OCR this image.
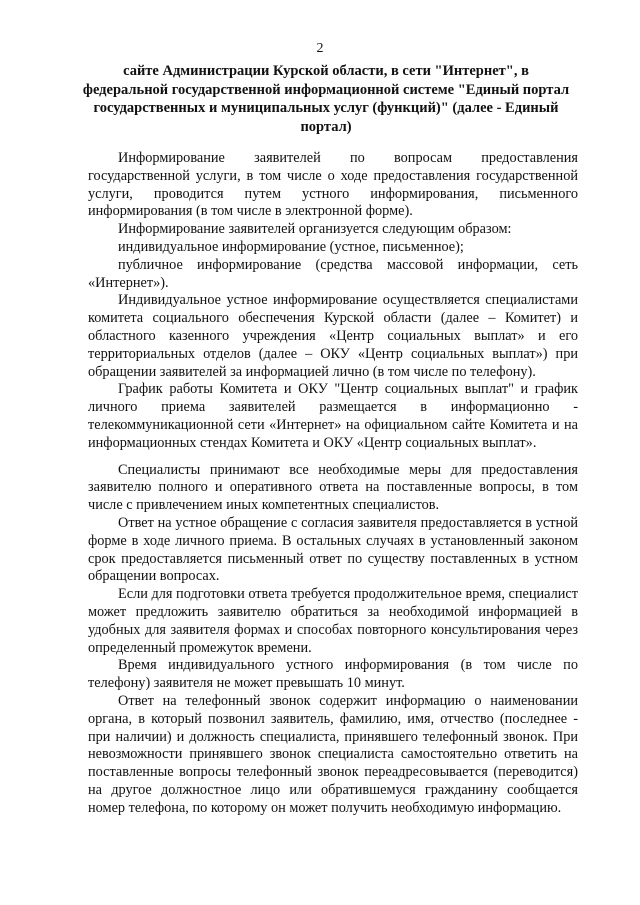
2
сайте Администрации Курской области, в сети "Интернет", в федеральной государственной информационной системе "Единый портал государственных и муниципальных услуг (функций)" (далее - Единый портал)

Информирование заявителей по вопросам предоставления государственной услуги, в том числе о ходе предоставления государственной услуги, проводится путем устного информирования, письменного информирования (в том числе в электронной форме).

Информирование заявителей организуется следующим образом:

индивидуальное информирование (устное, письменное);

публичное информирование (средства массовой информации, сеть «Интернет»).

Индивидуальное устное информирование осуществляется специалистами комитета социального обеспечения Курской области (далее – Комитет) и областного казенного учреждения «Центр социальных выплат» и его территориальных отделов (далее – ОКУ «Центр социальных выплат») при обращении заявителей за информацией лично (в том числе по телефону).

График работы Комитета и ОКУ "Центр социальных выплат" и график личного приема заявителей размещается в информационно - телекоммуникационной сети «Интернет» на официальном сайте Комитета и на информационных стендах Комитета и ОКУ «Центр социальных выплат».

Специалисты принимают все необходимые меры для предоставления заявителю полного и оперативного ответа на поставленные вопросы, в том числе с привлечением иных компетентных специалистов.

Ответ на устное обращение с согласия заявителя предоставляется в устной форме в ходе личного приема. В остальных случаях в установленный законом срок предоставляется письменный ответ по существу поставленных в устном обращении вопросах.

Если для подготовки ответа требуется продолжительное время, специалист может предложить заявителю обратиться за необходимой информацией в удобных для заявителя формах и способах повторного консультирования через определенный промежуток времени.

Время индивидуального устного информирования (в том числе по телефону) заявителя не может превышать 10 минут.

Ответ на телефонный звонок содержит информацию о наименовании органа, в который позвонил заявитель, фамилию, имя, отчество (последнее - при наличии) и должность специалиста, принявшего телефонный звонок. При невозможности принявшего звонок специалиста самостоятельно ответить на поставленные вопросы телефонный звонок переадресовывается (переводится) на другое должностное лицо или обратившемуся гражданину сообщается номер телефона, по которому он может получить необходимую информацию.
